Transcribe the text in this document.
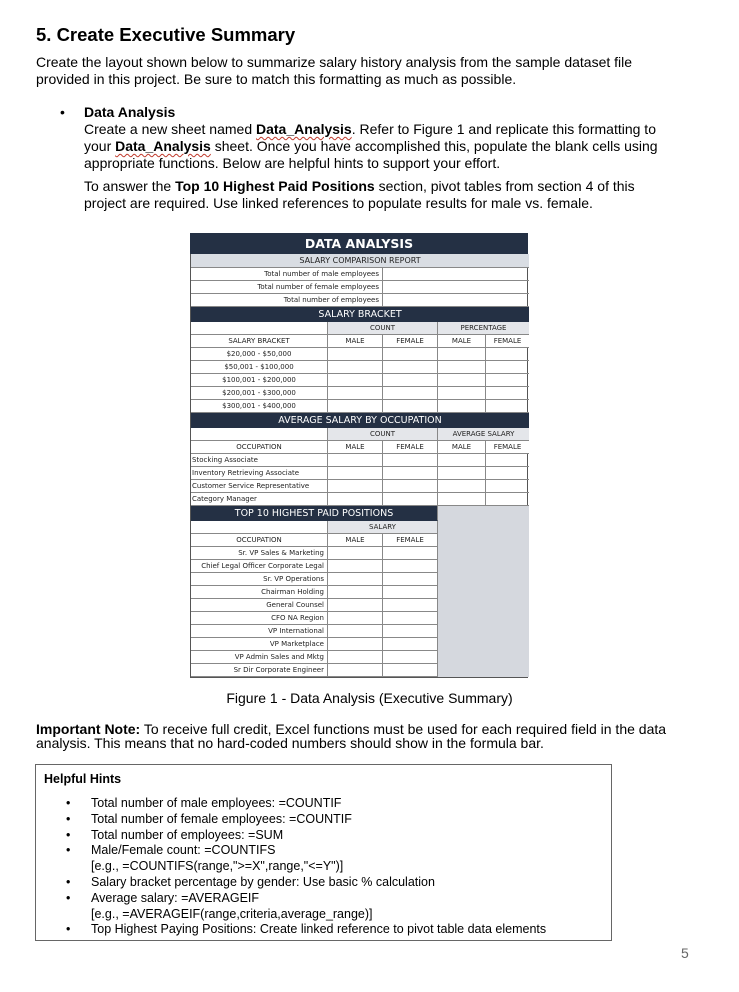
5. Create Executive Summary
Create the layout shown below to summarize salary history analysis from the sample dataset file provided in this project. Be sure to match this formatting as much as possible.
• Data Analysis
Create a new sheet named Data_Analysis. Refer to Figure 1 and replicate this formatting to your Data_Analysis sheet. Once you have accomplished this, populate the blank cells using appropriate functions. Below are helpful hints to support your effort.
To answer the Top 10 Highest Paid Positions section, pivot tables from section 4 of this project are required. Use linked references to populate results for male vs. female.
DATA ANALYSIS
SALARY COMPARISON REPORT
Total number of male employees
Total number of female employees
Total number of employees
SALARY BRACKET
COUNT	PERCENTAGE
SALARY BRACKET	MALE	FEMALE	MALE	FEMALE
$20,000 - $50,000
$50,001 - $100,000
$100,001 - $200,000
$200,001 - $300,000
$300,001 - $400,000
AVERAGE SALARY BY OCCUPATION
COUNT	AVERAGE SALARY
OCCUPATION	MALE	FEMALE	MALE	FEMALE
Stocking Associate
Inventory Retrieving Associate
Customer Service Representative
Category Manager
TOP 10 HIGHEST PAID POSITIONS
SALARY
OCCUPATION	MALE	FEMALE
Sr. VP Sales & Marketing
Chief Legal Officer Corporate Legal
Sr. VP Operations
Chairman Holding
General Counsel
CFO NA Region
VP International
VP Marketplace
VP Admin Sales and Mktg
Sr Dir Corporate Engineer
Figure 1 - Data Analysis (Executive Summary)
Important Note: To receive full credit, Excel functions must be used for each required field in the data analysis. This means that no hard-coded numbers should show in the formula bar.
Helpful Hints
• Total number of male employees: =COUNTIF
• Total number of female employees: =COUNTIF
• Total number of employees: =SUM
• Male/Female count: =COUNTIFS
[e.g., =COUNTIFS(range,">=X",range,"<=Y")]
• Salary bracket percentage by gender: Use basic % calculation
• Average salary: =AVERAGEIF
[e.g., =AVERAGEIF(range,criteria,average_range)]
• Top Highest Paying Positions: Create linked reference to pivot table data elements
5
